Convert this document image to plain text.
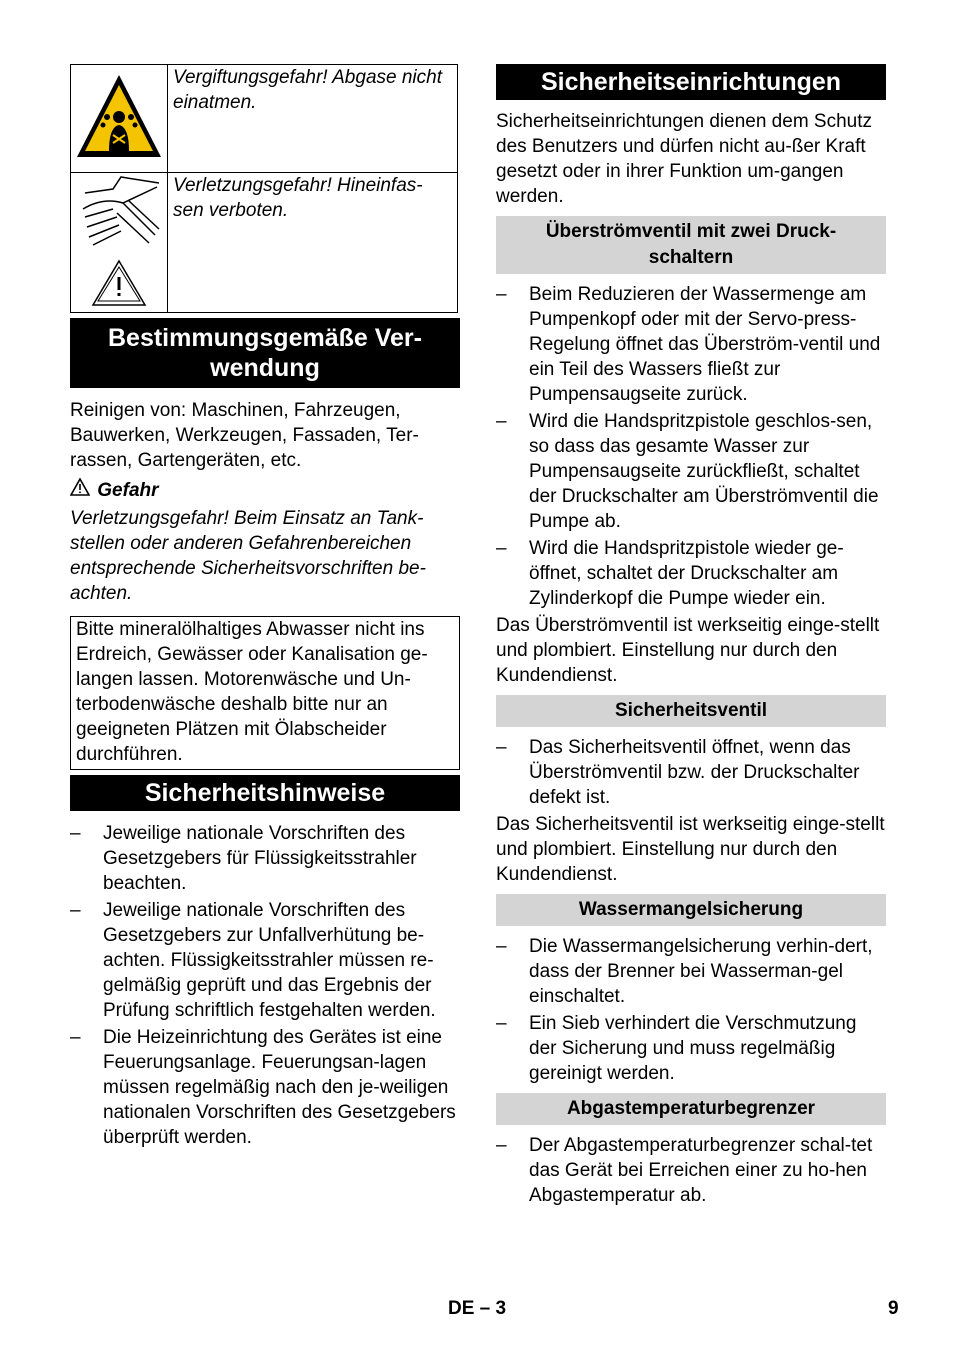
	Vergiftungsgefahr! Abgase nicht einatmen.
	Verletzungsgefahr! Hineinfas-sen verboten.
Bestimmungsgemäße Ver-wendung

Reinigen von: Maschinen, Fahrzeugen, Bauwerken, Werkzeugen, Fassaden, Ter-rassen, Gartengeräten, etc.

Gefahr

Verletzungsgefahr! Beim Einsatz an Tank-stellen oder anderen Gefahrenbereichen entsprechende Sicherheitsvorschriften be-achten.

Bitte mineralölhaltiges Abwasser nicht ins Erdreich, Gewässer oder Kanalisation ge-langen lassen. Motorenwäsche und Un-terbodenwäsche deshalb bitte nur an geeigneten Plätzen mit Ölabscheider durchführen.
Sicherheitshinweise
–	Jeweilige nationale Vorschriften des Gesetzgebers für Flüssigkeitsstrahler beachten.
–	Jeweilige nationale Vorschriften des Gesetzgebers zur Unfallverhütung be-achten. Flüssigkeitsstrahler müssen re-gelmäßig geprüft und das Ergebnis der Prüfung schriftlich festgehalten werden.
–	Die Heizeinrichtung des Gerätes ist eine Feuerungsanlage. Feuerungsan-lagen müssen regelmäßig nach den je-weiligen nationalen Vorschriften des Gesetzgebers überprüft werden.
Sicherheitseinrichtungen

Sicherheitseinrichtungen dienen dem Schutz des Benutzers und dürfen nicht au-ßer Kraft gesetzt oder in ihrer Funktion um-gangen werden.

Überströmventil mit zwei Druck-schaltern
–	Beim Reduzieren der Wassermenge am Pumpenkopf oder mit der Servo-press-Regelung öffnet das Überström-ventil und ein Teil des Wassers fließt zur Pumpensaugseite zurück.
–	Wird die Handspritzpistole geschlos-sen, so dass das gesamte Wasser zur Pumpensaugseite zurückfließt, schaltet der Druckschalter am Überströmventil die Pumpe ab.
–	Wird die Handspritzpistole wieder ge-öffnet, schaltet der Druckschalter am Zylinderkopf die Pumpe wieder ein.

Das Überströmventil ist werkseitig einge-stellt und plombiert. Einstellung nur durch den Kundendienst.

Sicherheitsventil
–	Das Sicherheitsventil öffnet, wenn das Überströmventil bzw. der Druckschalter defekt ist.

Das Sicherheitsventil ist werkseitig einge-stellt und plombiert. Einstellung nur durch den Kundendienst.

Wassermangelsicherung
–	Die Wassermangelsicherung verhin-dert, dass der Brenner bei Wasserman-gel einschaltet.
–	Ein Sieb verhindert die Verschmutzung der Sicherung und muss regelmäßig gereinigt werden.
Abgastemperaturbegrenzer
–	Der Abgastemperaturbegrenzer schal-tet das Gerät bei Erreichen einer zu ho-hen Abgastemperatur ab.
DE – 3	9
